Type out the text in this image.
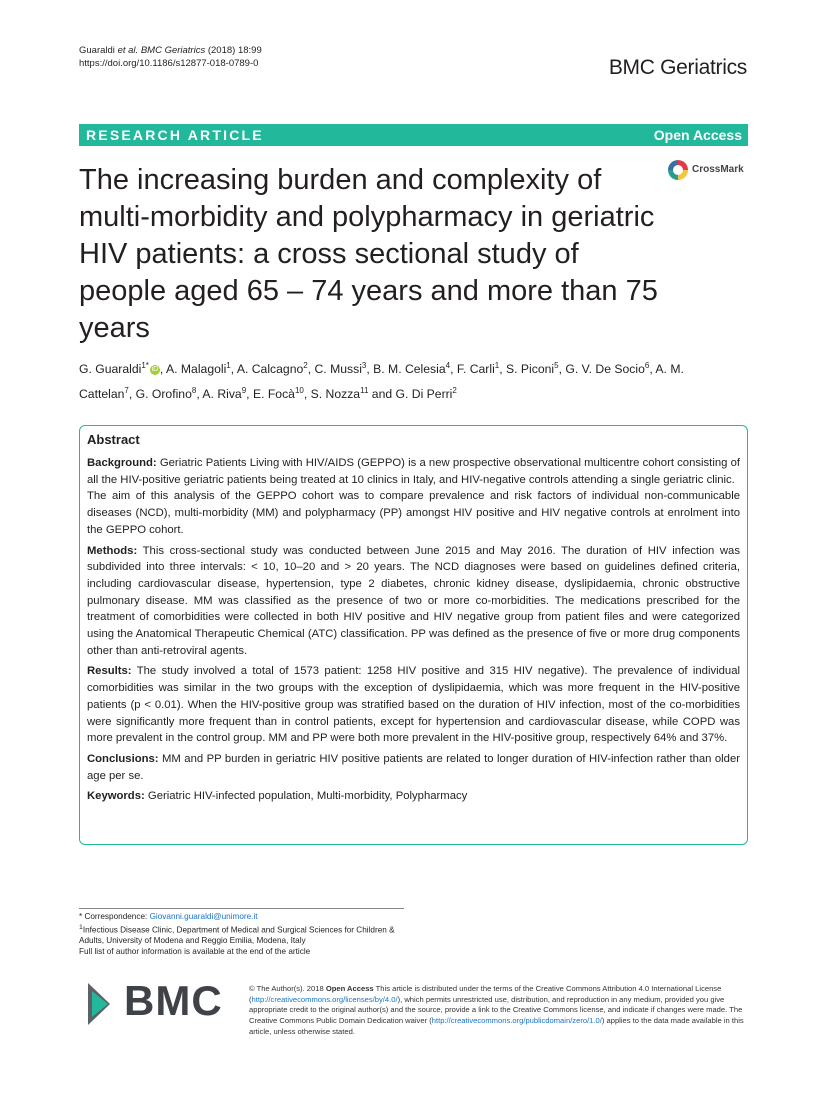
Guaraldi et al. BMC Geriatrics (2018) 18:99
https://doi.org/10.1186/s12877-018-0789-0	BMC Geriatrics
RESEARCH ARTICLE	Open Access
CrossMark
The increasing burden and complexity of multi-morbidity and polypharmacy in geriatric HIV patients: a cross sectional study of people aged 65 – 74 years and more than 75 years
G. Guaraldi$^{1*}$ iD , A. Malagoli$^1$, A. Calcagno$^2$, C. Mussi$^3$, B. M. Celesia$^4$, F. Carli$^1$, S. Piconi$^5$, G. V. De Socio$^6$, A. M. Cattelan$^7$, G. Orofino$^8$, A. Riva$^9$, E. Focà$^{10}$, S. Nozza$^{11}$ and G. Di Perri$^2$
Abstract

Background: Geriatric Patients Living with HIV/AIDS (GEPPO) is a new prospective observational multicentre cohort consisting of all the HIV-positive geriatric patients being treated at 10 clinics in Italy, and HIV-negative controls attending a single geriatric clinic.
The aim of this analysis of the GEPPO cohort was to compare prevalence and risk factors of individual non-communicable diseases (NCD), multi-morbidity (MM) and polypharmacy (PP) amongst HIV positive and HIV negative controls at enrolment into the GEPPO cohort.

Methods: This cross-sectional study was conducted between June 2015 and May 2016. The duration of HIV infection was subdivided into three intervals: < 10, 10–20 and > 20 years. The NCD diagnoses were based on guidelines defined criteria, including cardiovascular disease, hypertension, type 2 diabetes, chronic kidney disease, dyslipidaemia, chronic obstructive pulmonary disease. MM was classified as the presence of two or more co-morbidities. The medications prescribed for the treatment of comorbidities were collected in both HIV positive and HIV negative group from patient files and were categorized using the Anatomical Therapeutic Chemical (ATC) classification. PP was defined as the presence of five or more drug components other than anti-retroviral agents.

Results: The study involved a total of 1573 patient: 1258 HIV positive and 315 HIV negative). The prevalence of individual comorbidities was similar in the two groups with the exception of dyslipidaemia, which was more frequent in the HIV-positive patients (p < 0.01). When the HIV-positive group was stratified based on the duration of HIV infection, most of the co-morbidities were significantly more frequent than in control patients, except for hypertension and cardiovascular disease, while COPD was more prevalent in the control group. MM and PP were both more prevalent in the HIV-positive group, respectively 64% and 37%.

Conclusions: MM and PP burden in geriatric HIV positive patients are related to longer duration of HIV-infection rather than older age per se.

Keywords: Geriatric HIV-infected population, Multi-morbidity, Polypharmacy

* Correspondence: Giovanni.guaraldi@unimore.it
$^1$Infectious Disease Clinic, Department of Medical and Surgical Sciences for Children & Adults, University of Modena and Reggio Emilia, Modena, Italy
Full list of author information is available at the end of the article
BMC	© The Author(s). 2018 Open Access This article is distributed under the terms of the Creative Commons Attribution 4.0 International License (http://creativecommons.org/licenses/by/4.0/), which permits unrestricted use, distribution, and reproduction in any medium, provided you give appropriate credit to the original author(s) and the source, provide a link to the Creative Commons license, and indicate if changes were made. The Creative Commons Public Domain Dedication waiver (http://creativecommons.org/publicdomain/zero/1.0/) applies to the data made available in this article, unless otherwise stated.
